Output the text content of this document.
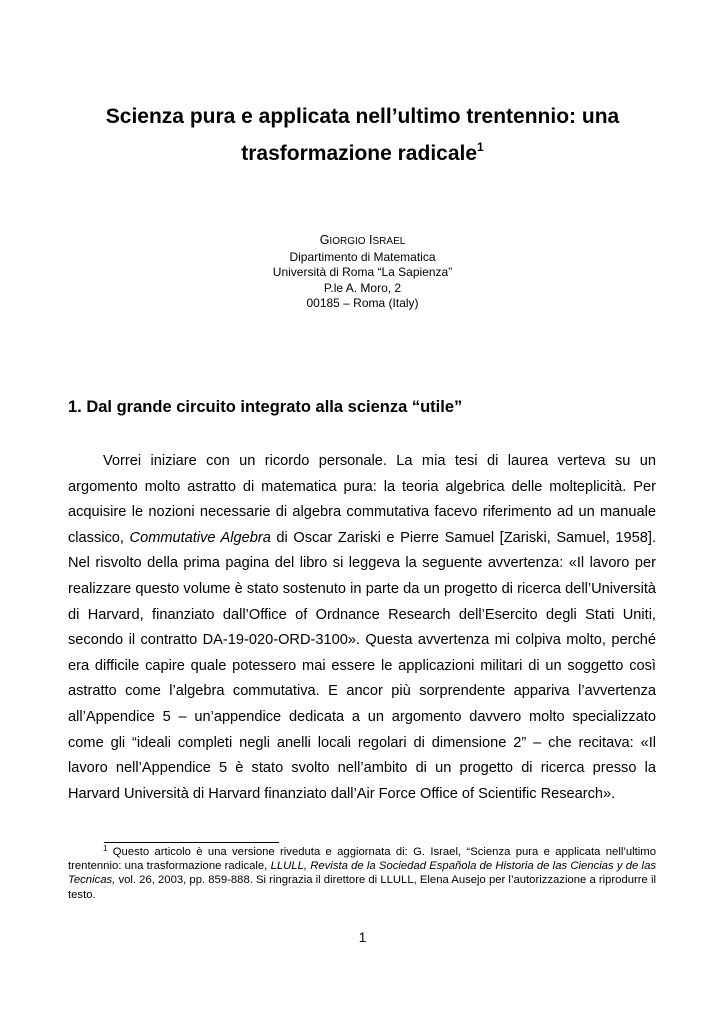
Scienza pura e applicata nell’ultimo trentennio: una
trasformazione radicale$^1$
GIORGIO ISRAEL
Dipartimento di Matematica
Università di Roma “La Sapienza”
P.le A. Moro, 2
00185 – Roma (Italy)
1. Dal grande circuito integrato alla scienza “utile”

Vorrei iniziare con un ricordo personale. La mia tesi di laurea verteva su un argomento molto astratto di matematica pura: la teoria algebrica delle molteplicità. Per acquisire le nozioni necessarie di algebra commutativa facevo riferimento ad un manuale classico, Commutative Algebra di Oscar Zariski e Pierre Samuel [Zariski, Samuel, 1958]. Nel risvolto della prima pagina del libro si leggeva la seguente avvertenza: «Il lavoro per realizzare questo volume è stato sostenuto in parte da un progetto di ricerca dell’Università di Harvard, finanziato dall’Office of Ordnance Research dell’Esercito degli Stati Uniti, secondo il contratto DA-19-020-ORD-3100». Questa avvertenza mi colpiva molto, perché era difficile capire quale potessero mai essere le applicazioni militari di un soggetto così astratto come l’algebra commutativa. E ancor più sorprendente appariva l’avvertenza all’Appendice 5 – un’appendice dedicata a un argomento davvero molto specializzato come gli “ideali completi negli anelli locali regolari di dimensione 2” – che recitava: «Il lavoro nell’Appendice 5 è stato svolto nell’ambito di un progetto di ricerca presso la Harvard Università di Harvard finanziato dall’Air Force Office of Scientific Research».

$^1$ Questo articolo è una versione riveduta e aggiornata di: G. Israel, “Scienza pura e applicata nell’ultimo trentennio: una trasformazione radicale, LLULL, Revista de la Sociedad Española de Historia de las Ciencias y de las Tecnicas, vol. 26, 2003, pp. 859-888. Si ringrazia il direttore di LLULL, Elena Ausejo per l’autorizzazione a riprodurre il testo.

1
